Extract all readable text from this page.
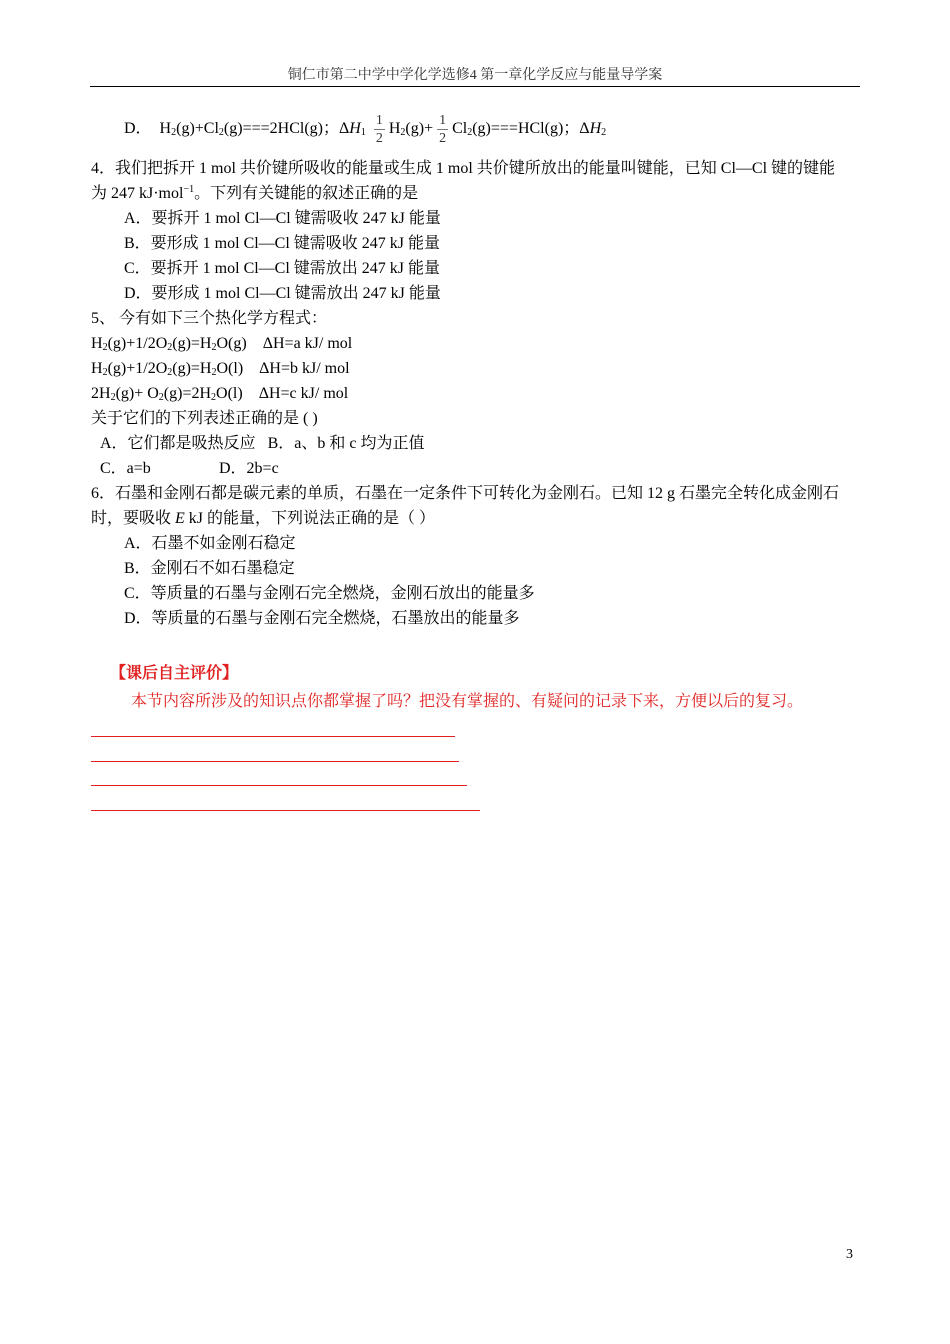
铜仁市第二中学中学化学选修4 第一章化学反应与能量导学案
D．  $H_2(g)+Cl_2(g)===2HCl(g)$；$\Delta H_1 \frac{1}{2} H_2(g)+ \frac{1}{2} Cl_2(g)===HCl(g)$；$\Delta H_2$
4．我们把拆开 1 mol 共价键所吸收的能量或生成 1 mol 共价键所放出的能量叫键能，已知 Cl—Cl 键的键能
为 247 kJ·mol$^{-1}$。下列有关键能的叙述正确的是
A．要拆开 1 mol Cl—Cl 键需吸收 247 kJ 能量
B．要形成 1 mol Cl—Cl 键需吸收 247 kJ 能量
C．要拆开 1 mol Cl—Cl 键需放出 247 kJ 能量
D．要形成 1 mol Cl—Cl 键需放出 247 kJ 能量
5、 今有如下三个热化学方程式：
$H_2(g)+1/2O_2(g)=H_2O(g)$    ΔH=a kJ/ mol
$H_2(g)+1/2O_2(g)=H_2O(l)$    ΔH=b kJ/ mol
$2H_2(g)+ O_2(g)=2H_2O(l)$    ΔH=c kJ/ mol
关于它们的下列表述正确的是 ( )
A．它们都是吸热反应 B．a、b 和 c 均为正值
C．a=b	D．2b=c
6．石墨和金刚石都是碳元素的单质，石墨在一定条件下可转化为金刚石。已知 12 g 石墨完全转化成金刚石
时，要吸收 E kJ 的能量，下列说法正确的是（ ）
A．石墨不如金刚石稳定
B．金刚石不如石墨稳定
C．等质量的石墨与金刚石完全燃烧，金刚石放出的能量多
D．等质量的石墨与金刚石完全燃烧，石墨放出的能量多
【课后自主评价】
本节内容所涉及的知识点你都掌握了吗？把没有掌握的、有疑问的记录下来，方便以后的复习。
3
